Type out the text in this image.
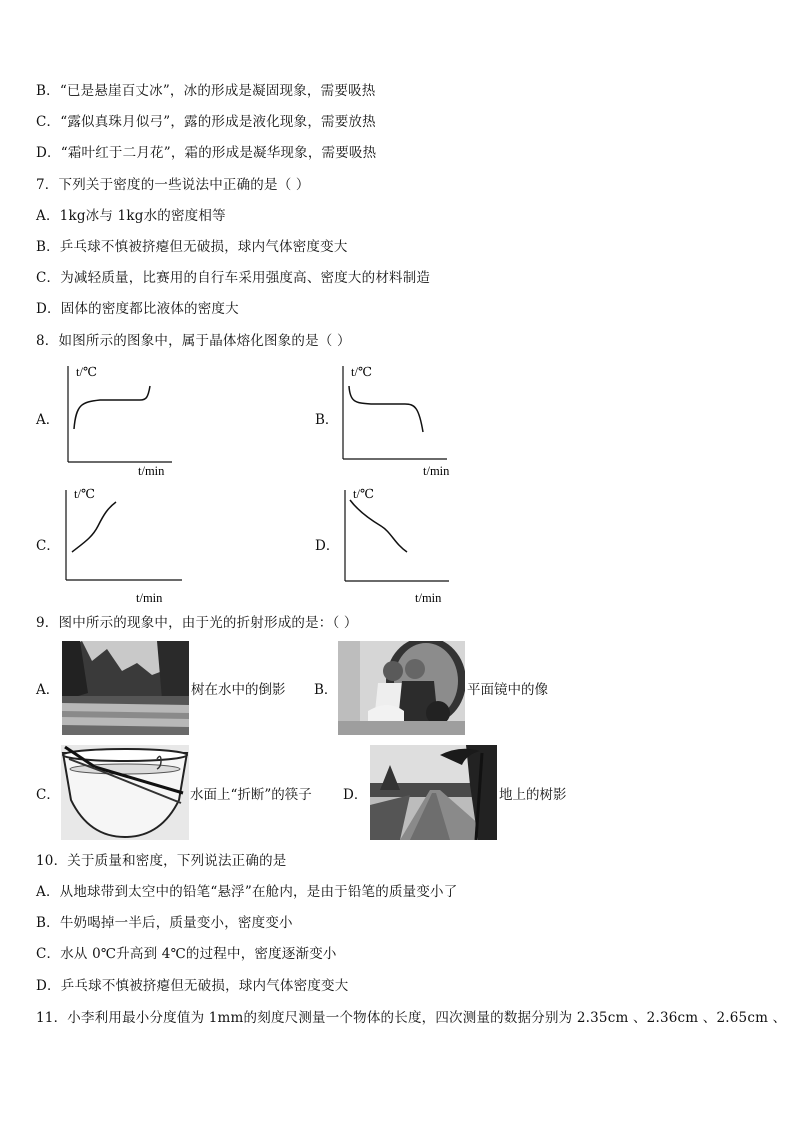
B．“已是悬崖百丈冰”，冰的形成是凝固现象，需要吸热
C．“露似真珠月似弓”，露的形成是液化现象，需要放热
D．“霜叶红于二月花”，霜的形成是凝华现象，需要吸热
7．下列关于密度的一些说法中正确的是（ ）
A．1kg冰与 1kg水的密度相等
B．乒乓球不慎被挤瘪但无破损，球内气体密度变大
C．为减轻质量，比赛用的自行车采用强度高、密度大的材料制造
D．固体的密度都比液体的密度大
8．如图所示的图象中，属于晶体熔化图象的是（ ）
A．
t/℃
t/min
B．
t/℃
t/min
C．
t/℃
t/min
D．
t/℃
t/min
9．图中所示的现象中，由于光的折射形成的是：（ ）
A．	树在水中的倒影 B．	平面镜中的像
C．	水面上“折断”的筷子 D．	地上的树影
10．关于质量和密度，下列说法正确的是
A．从地球带到太空中的铅笔“悬浮”在舱内，是由于铅笔的质量变小了
B．牛奶喝掉一半后，质量变小，密度变小
C．水从 0℃升高到 4℃的过程中，密度逐渐变小
D．乒乓球不慎被挤瘪但无破损，球内气体密度变大
11．小李利用最小分度值为 1mm的刻度尺测量一个物体的长度，四次测量的数据分别为 2.35cm 、2.36cm 、2.65cm 、
